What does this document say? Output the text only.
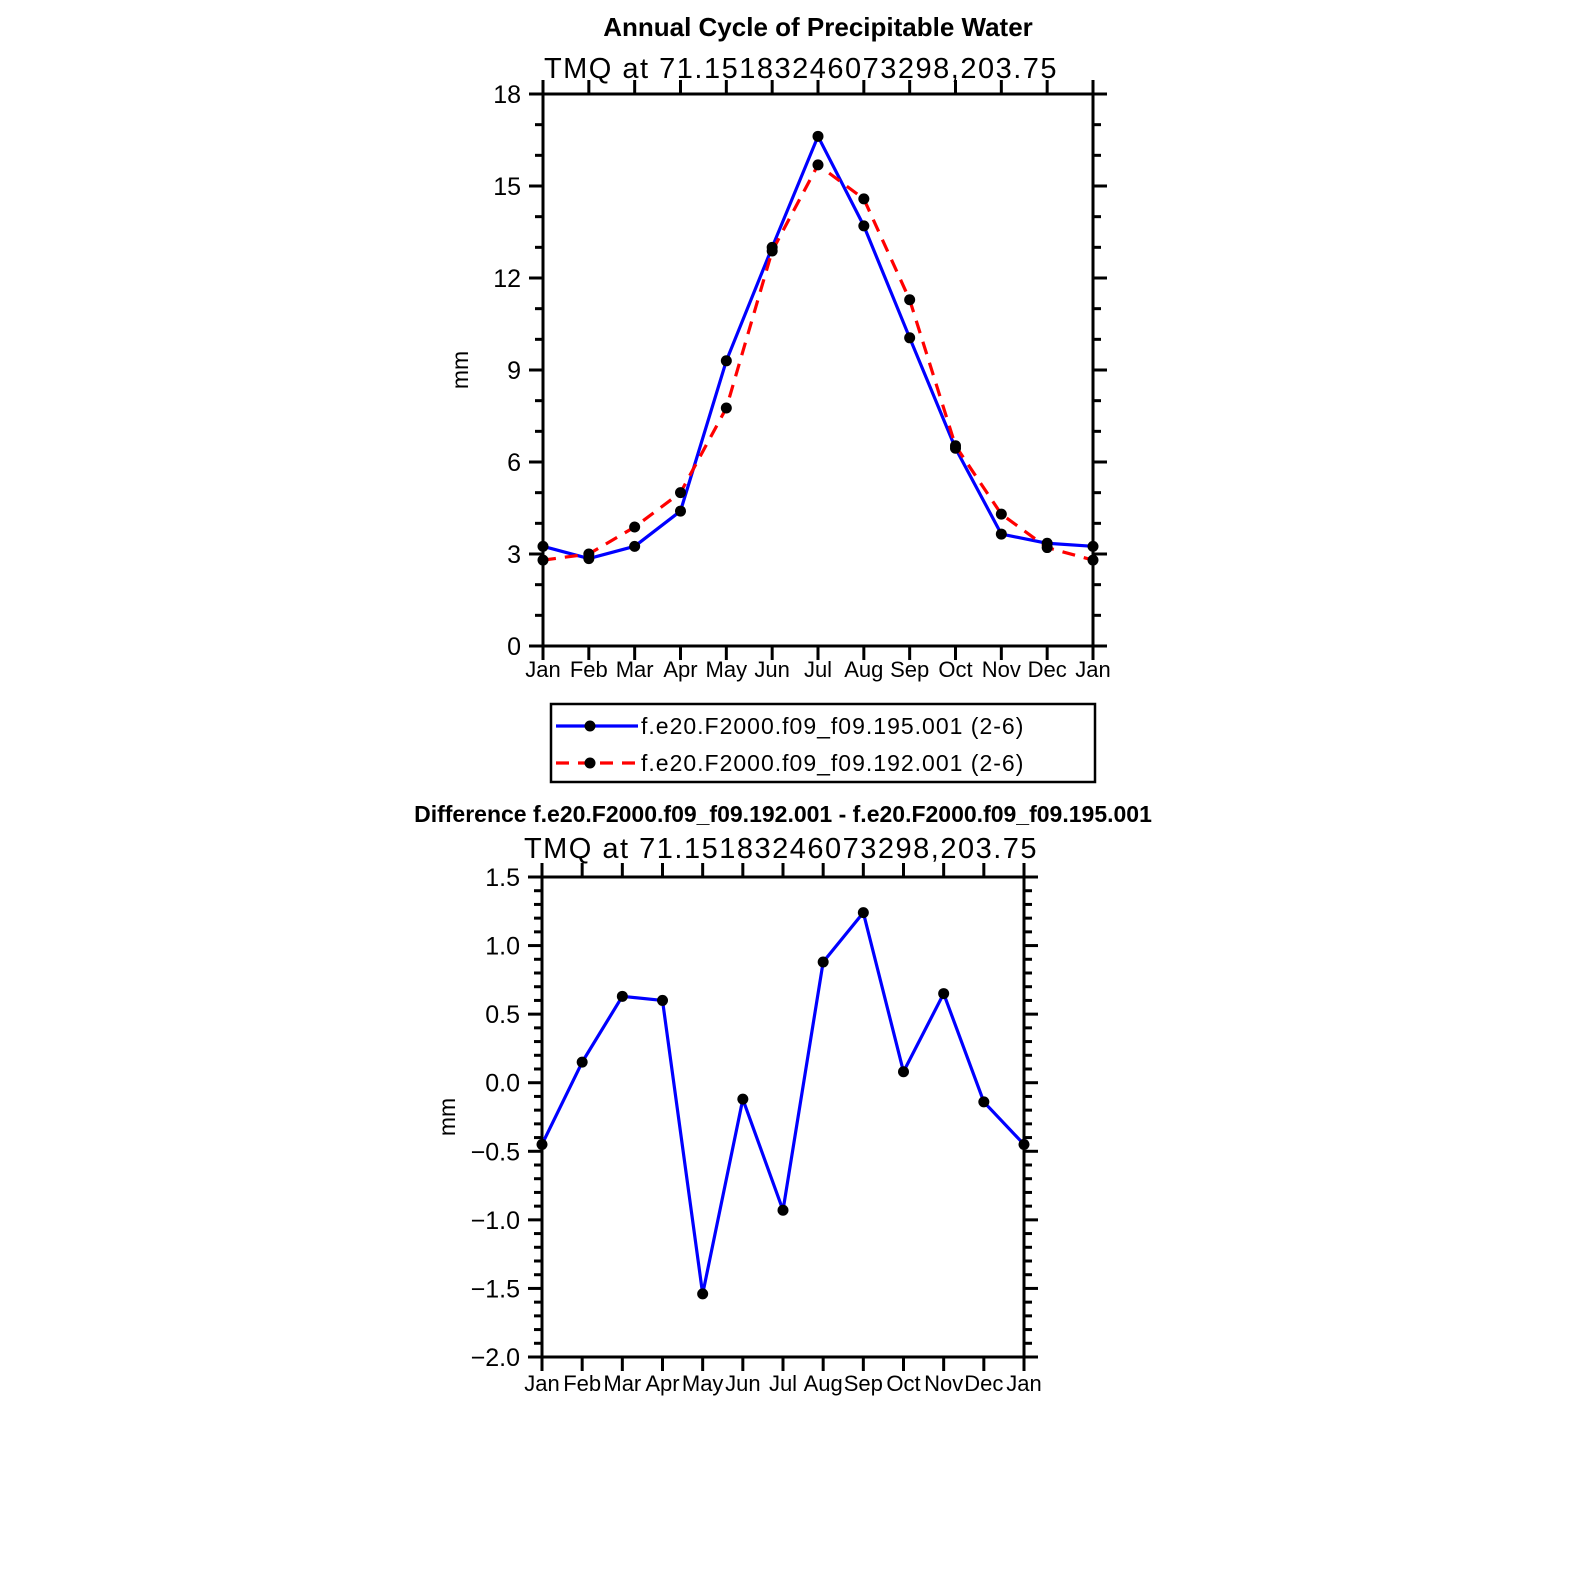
Annual Cycle of Precipitable Water
TMQ at 71.15183246073298,203.75
Jan Feb Mar Apr May Jun Jul Aug Sep Oct Nov Dec Jan
0
3
6
9
12
15
18
mm
f.e20.F2000.f09_f09.195.001 (2-6)
f.e20.F2000.f09_f09.192.001 (2-6)
Difference f.e20.F2000.f09_f09.192.001 - f.e20.F2000.f09_f09.195.001
TMQ at 71.15183246073298,203.75
Jan Feb Mar Apr May Jun Jul Aug Sep Oct Nov Dec Jan
−2.0
−1.5
−1.0
−0.5
0.0
0.5
1.0
1.5
mm
